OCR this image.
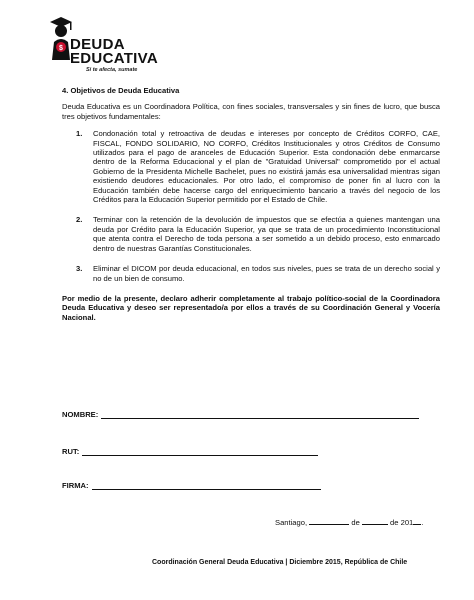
$ DEUDA
EDUCATIVA
Si te afecta, sumate

4. Objetivos de Deuda Educativa

Deuda Educativa es un Coordinadora Política, con fines sociales, transversales y sin fines de lucro, que busca tres objetivos fundamentales:

1.	Condonación total y retroactiva de deudas e intereses por concepto de Créditos CORFO, CAE, FISCAL, FONDO SOLIDARIO, NO CORFO, Créditos Institucionales y otros Créditos de Consumo utilizados para el pago de aranceles de Educación Superior. Esta condonación debe enmarcarse dentro de la Reforma Educacional y el plan de "Gratuidad Universal" comprometido por el actual Gobierno de la Presidenta Michelle Bachelet, pues no existirá jamás esa universalidad mientras sigan existiendo deudores educacionales. Por otro lado, el compromiso de poner fin al lucro con la Educación también debe hacerse cargo del enriquecimiento bancario a través del negocio de los Créditos para la Educación Superior permitido por el Estado de Chile.
2.	Terminar con la retención de la devolución de impuestos que se efectúa a quienes mantengan una deuda por Crédito para la Educación Superior, ya que se trata de un procedimiento Inconstitucional que atenta contra el Derecho de toda persona a ser sometido a un debido proceso, esto enmarcado dentro de nuestras Garantías Constitucionales.
3.	Eliminar el DICOM por deuda educacional, en todos sus niveles, pues se trata de un derecho social y no de un bien de consumo.

Por medio de la presente, declaro adherir completamente al trabajo político-social de la Coordinadora Deuda Educativa y deseo ser representado/a por ellos a través de su Coordinación General y Vocería Nacional.

NOMBRE:
RUT:
FIRMA:
Santiago,	de	de 201 .
Coordinación General Deuda Educativa | Diciembre 2015, República de Chile
